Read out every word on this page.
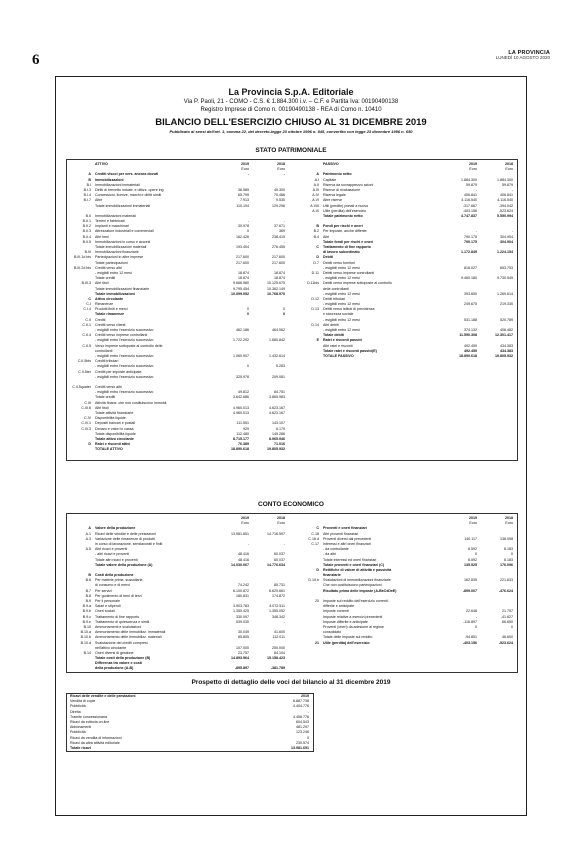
6	LA PROVINCIA
LUNEDÌ 10 AGOSTO 2020
La Provincia S.p.A. Editoriale
Via P. Paoli, 21 - COMO - C.S. € 1.884.300 i.v. – C.F. e Partita Iva: 00190490138
Registro Imprese di Como n. 00190490138 - REA di Como n. 10410
BILANCIO DELL'ESERCIZIO CHIUSO AL 31 DICEMBRE 2019
Pubblicato ai sensi dell'art. 1, comma 22, del decreto-legge 23 ottobre 1996 n. 545, convertito con legge 23 dicembre 1996 n. 650
STATO PATRIMONIALE
ATTIVO	2019	2018
Euro	Euro
A Crediti vlsoci per vers. ancora dovuti	-	-
B Immobilizzazioni
B.I Immobilizzazioni immateriali
B.I.3 Diritti di brevetto industr. e utilizz. opere ing.	36.589	49.300
B.I.4 Concessioni, licenze, marchi e diritti simili	65.799	70.466
B.I.7 Altre	7.913	9.530
Totale immobilizzazioni immateriali	110.194	129.296
B.II Immobilizzazioni materiali
B.II.1 Terreni e fabbricati	-	-
B.II.2 Impianti e macchinari	30.978	37.671
B.II.3 Attrezzature industriali e commerciali	0	369
B.II.4 Altri beni	162.426	238.415
B.II.5 Immobilizzazioni in corso e acconti	-	-
Totale immobilizzazioni materiali	193.404	276.455
B.III Immobilizzazioni finanziarie
B.III.1d bis Partecipazioni in altre imprese	217.600	217.600
Totale partecipazioni	217.600	217.600
B.III.2d bis Crediti verso altri
- esigibili entro 12 mesi	18.874	18.874
Totale crediti	18.874	18.874
B.III.3 Altri titoli	9.666.980	10.125.675
Totale immobilizzazioni finanziarie	9.795.454	10.362.149
Totale immobilizzazioni	10.099.052	10.768.970
C Attivo circolante
C.I Rimanenze
C.I.4 Prodotti finiti e merci	0	0
Totale rimanenze	0	0
C.II Crediti
C.II.1 Crediti verso clienti:
- esigibili entro l'esercizio successivo	462.186	464.062
C.II.4 Crediti verso imprese controllanti
- esigibili entro l'esercizio successivo	1.722.292	1.680.842
C.II.5 Verso imprese sottoposte al controllo delle
controllanti
- esigibili entro l'esercizio successivo	1.060.907	1.432.614
C.II.5bis Crediti tributari
- esigibili entro l'esercizio successivo	0	5.283
C.II.5ter Crediti per imposte anticipate
- esigibili entro l'esercizio successivo	325.978	209.081
C.II.5quater Crediti verso altri
- esigibili entro l'esercizio successivo	49.812	84.751
Totale crediti	3.642.686	3.865.983
C.III Attività finanz. che non costituiscono immobil.
C.III.6 Altri titoli	4.960.013	4.623.167
Totale attività finanziarie	4.960.013	4.623.167
C.IV Disponibilità liquide
C.IV.1 Depositi bancari e postali	111.551	143.107
C.IV.3 Denaro e valori in cassa	929	6.179
Totale disponibilità liquide	112.480	149.286
Totale attivo circolante	8.715.177	8.965.946
D Ratei e risconti attivi	76.389	71.016
TOTALE ATTIVO	18.890.618	19.805.932
PASSIVO	2019	2018
Euro	Euro
A Patrimonio netto
A.I Capitale	1.884.300	1.884.300
A.II Riserva da sovrapprezzo azioni	59.879	59.879
A.III Riserve di rivalutazione	-	-
A.IV Riserva legale	406.841	406.841
A.VI Altre riserve	4.116.540	4.116.540
A.VIII Utili (perdite) portati a nuovo	-317.667	-394.042
A.IX Utile (perdita) dell'esercizio	-403.156	-523.624
Totale patrimonio netto	4.747.837	5.550.994
B Fondi per rischi e oneri
B.2 Per imposte, anche differite	-	-
B.4 Altri	790.175	304.904
Totale fondi per rischi e oneri	790.175	304.904
C Trattamento di fine rapporto
di lavoro subordinato	1.172.849	1.224.154
D Debiti
D.7 Debiti verso fornitori
- esigibili entro 12 mesi	816.027	653.753
D.11 Debiti verso imprese controllanti
- esigibili entro 12 mesi	9.460.180	9.730.549
D.11bis Debiti verso imprese sottoposte al controllo
delle controllanti
- esigibili entro 12 mesi	393.650	1.269.614
D.12 Debiti tributari
- esigibili entro 12 mesi	249.675	219.330
D.13 Debiti verso istituti di previdenza
e sicurezza sociale
- esigibili entro 12 mesi	531.188	520.789
D.14 Altri debiti
- esigibili entro 12 mesi	374.132	406.482
Totale debiti	11.590.308	12.301.417
E Ratei e risconti passivi
Altri ratei e risconti	492.459	434.383
Totale ratei e risconti passivi(E)	492.459	434.383
TOTALE PASSIVO	18.890.618	19.805.932
CONTO ECONOMICO
2019	2018
Euro	Euro
A Valore della produzione
A.1 Ricavi delle vendite e delle prestazioni	13.981.651	14.716.597
A.3 Variazione delle rimanenze di prodotti
in corso di lavorazione, semilavorati e finiti	-	-
A.5 Altri ricavi e proventi
- altri ricavi e proventi	48.416	60.037
Totale altri ricavi e proventi	48.416	60.037
Totale valore della produzione (A)	14.030.067	14.776.634
B Costi della produzione
B.6 Per materie prime, sussidiarie,
di consumo e di merci	74.242	85.731
B.7 Per servizi	6.100.872	6.629.661
B.8 Per godimento di beni di terzi	180.831	174.872
B.9 Per il personale
B.9.a Salari e stipendi	3.903.783	4.072.511
B.9.b Oneri sociali	1.350.425	1.355.052
B.9.c Trattamento di fine rapporto	330.097	348.342
B.9.e Trattamento di quiescenza e simili	539.030	-
B.10 Ammortamenti e svalutazioni
B.10.a Ammortamento delle immobilizz. immateriali	30.049	41.600
B.10.b Ammortamento delle immobilizz. materiali	85.805	112.011
B.10.d Svalutazione dei crediti compresi
nell'attivo circolante	107.000	250.000
B.14 Oneri diversi di gestione	23.757	84.104
Totale costi della produzione (B)	14.893.964	15.158.423
Differenza tra valore e costi
della produzione (A-B)	-895.897	-381.789
2019	2018
Euro	Euro
C Proventi e oneri finanziari
C.16 Altri proventi finanziari
C.16.d Proventi diversi dai precedenti	140.117	138.098
C.17 Interessi e altri oneri finanziari
- da controllante	8.592	8.183
- da altri	0	0
Totale interessi ed oneri finanziari	8.592	8.183
Totale proventi e oneri finanziari (C)	135.525	176.096
D Rettifiche di valore di attività e passività
finanziarie
D.19.b Svalutazioni di immobilizzazioni finanziarie	162.835	221.633
Che non costituiscono partecipazioni
Risultato prima delle imposte (A-B±C±D±E)	-899.007	-476.624
20 Imposte sul reddito dell'esercizio correnti,
differite e anticipate
Imposte correnti	22.648	21.757
Imposte relative a esercizi precedenti	-	-41.627
Imposte differite e anticipate	-116.897	66.650
Proventi (oneri) da adesione al regime	0	0
consolidato
Totale delle imposte sul reddito	-94.851	46.600
21 Utile (perdita) dell'esercizio	-403.156	-523.624
Prospetto di dettaglio delle voci del bilancio al 31 dicembre 2019
Ricavi delle vendite e delle prestazioni	2019
Vendita di copie	6.887.738
Pubblicità	4.404.776
Diretta	-
Tramite concessionaria	4.456.776
Ricavi da editoria on-line	604.543
Abbonamenti	481.297
Pubblicità	123.246
Ricavi da vendita di informazioni	0
Ricavi da altra attività editoriale	230.574
Totale ricavi	13.981.651
